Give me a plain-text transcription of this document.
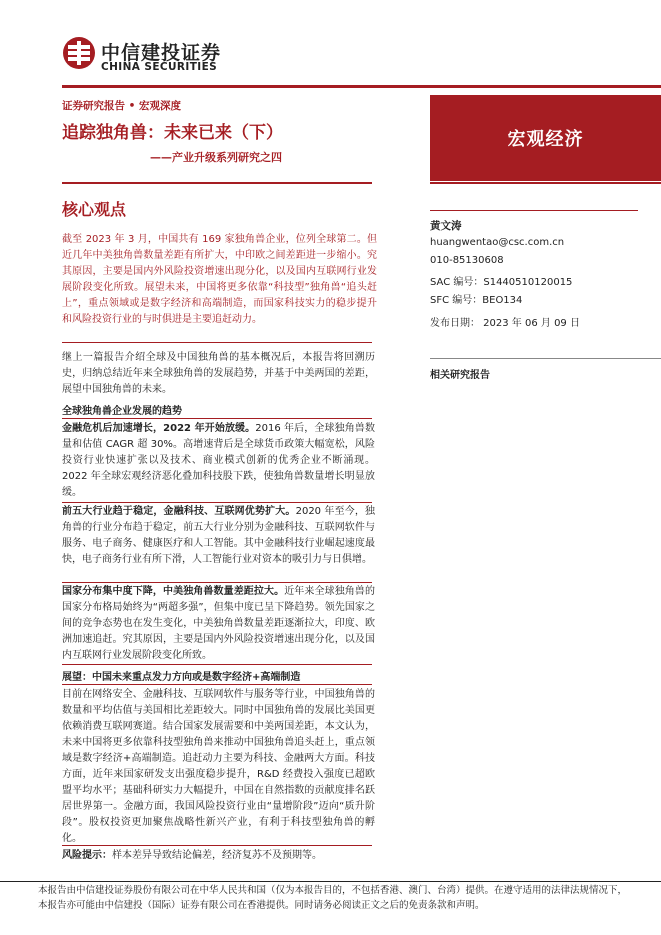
中信建投证券
CHINA SECURITIES
证券研究报告 • 宏观深度
追踪独角兽：未来已来（下）
——产业升级系列研究之四
宏观经济
核心观点
截至 2023 年 3 月，中国共有 169 家独角兽企业，位列全球第二。但近几年中美独角兽数量差距有所扩大，中印欧之间差距进一步缩小。究其原因，主要是国内外风险投资增速出现分化，以及国内互联网行业发展阶段变化所致。展望未来，中国将更多依靠“科技型”独角兽“追头赶上”，重点领域或是数字经济和高端制造，而国家科技实力的稳步提升和风险投资行业的与时俱进是主要追赶动力。
黄文涛
huangwentao@csc.com.cn
010-85130608
SAC 编号：S1440510120015
SFC 编号：BEO134
发布日期： 2023 年 06 月 09 日
相关研究报告
继上一篇报告介绍全球及中国独角兽的基本概况后，本报告将回溯历史，归纳总结近年来全球独角兽的发展趋势，并基于中美两国的差距，展望中国独角兽的未来。
全球独角兽企业发展的趋势
金融危机后加速增长，2022 年开始放缓。2016 年后，全球独角兽数量和估值 CAGR 超 30%。高增速背后是全球货币政策大幅宽松，风险投资行业快速扩张以及技术、商业模式创新的优秀企业不断涌现。2022 年全球宏观经济恶化叠加科技股下跌，使独角兽数量增长明显放缓。
前五大行业趋于稳定，金融科技、互联网优势扩大。2020 年至今，独角兽的行业分布趋于稳定，前五大行业分别为金融科技、互联网软件与服务、电子商务、健康医疗和人工智能。其中金融科技行业崛起速度最快，电子商务行业有所下滑，人工智能行业对资本的吸引力与日俱增。
国家分布集中度下降，中美独角兽数量差距拉大。近年来全球独角兽的国家分布格局始终为“两超多强”，但集中度已呈下降趋势。领先国家之间的竞争态势也在发生变化，中美独角兽数量差距逐渐拉大，印度、欧洲加速追赶。究其原因，主要是国内外风险投资增速出现分化，以及国内互联网行业发展阶段变化所致。
展望：中国未来重点发力方向或是数字经济+高端制造
目前在网络安全、金融科技、互联网软件与服务等行业，中国独角兽的数量和平均估值与美国相比差距较大。同时中国独角兽的发展比美国更依赖消费互联网赛道。结合国家发展需要和中美两国差距，本文认为，未来中国将更多依靠科技型独角兽来推动中国独角兽追头赶上，重点领域是数字经济+高端制造。追赶动力主要为科技、金融两大方面。科技方面，近年来国家研发支出强度稳步提升，R&D 经费投入强度已超欧盟平均水平；基础科研实力大幅提升，中国在自然指数的贡献度排名跃居世界第一。金融方面，我国风险投资行业由“量增阶段”迈向“质升阶段”。股权投资更加聚焦战略性新兴产业，有利于科技型独角兽的孵化。
风险提示：样本差异导致结论偏差，经济复苏不及预期等。
本报告由中信建投证券股份有限公司在中华人民共和国（仅为本报告目的，不包括香港、澳门、台湾）提供。在遵守适用的法律法规情况下，
本报告亦可能由中信建投（国际）证券有限公司在香港提供。同时请务必阅读正文之后的免责条款和声明。
